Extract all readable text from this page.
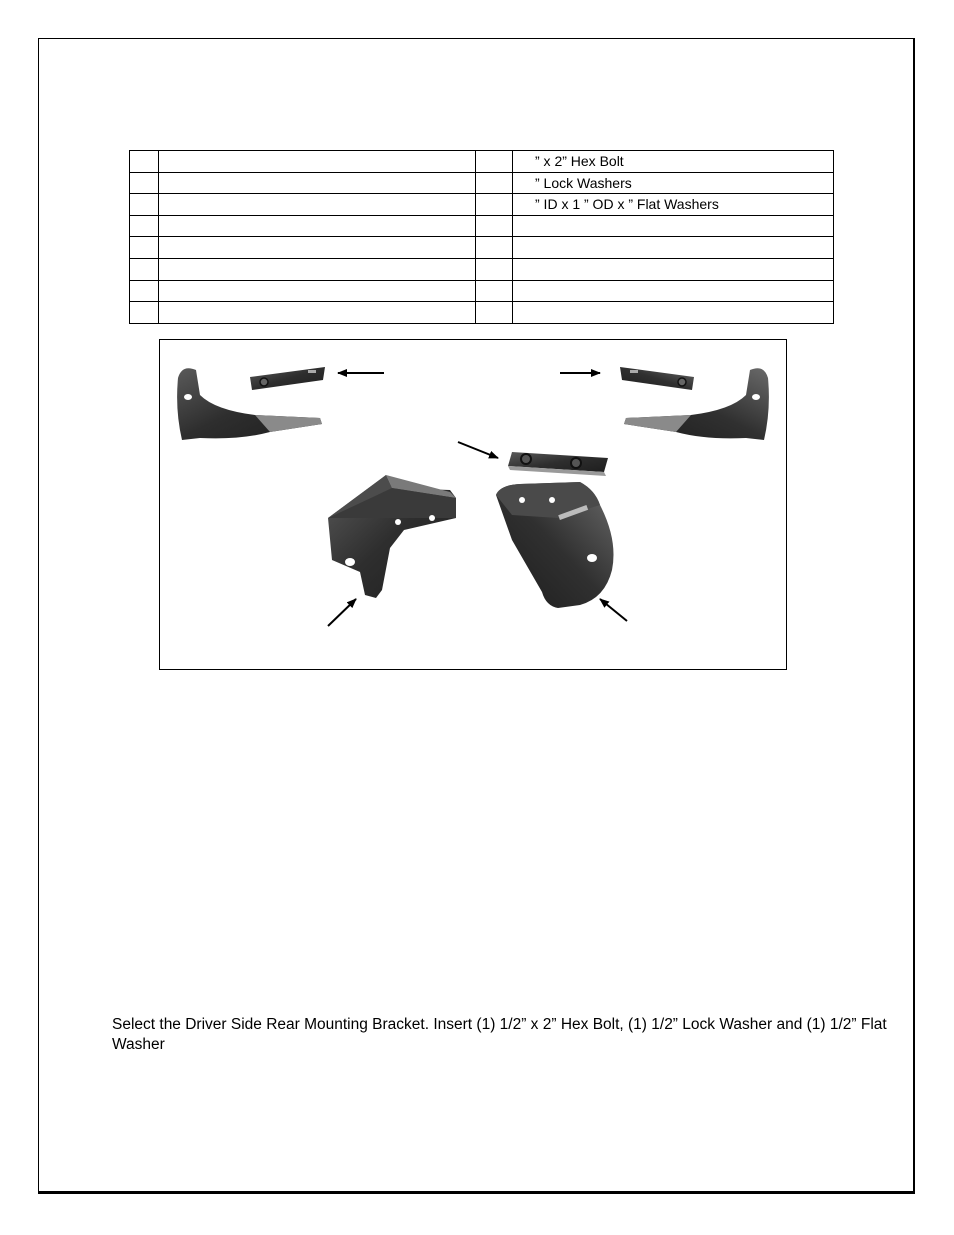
			” x 2” Hex Bolt
			” Lock Washers
			” ID x 1 ” OD x ” Flat Washers

Select the Driver Side Rear Mounting Bracket. Insert (1) 1/2” x 2” Hex Bolt, (1) 1/2” Lock Washer and (1) 1/2” Flat Washer
